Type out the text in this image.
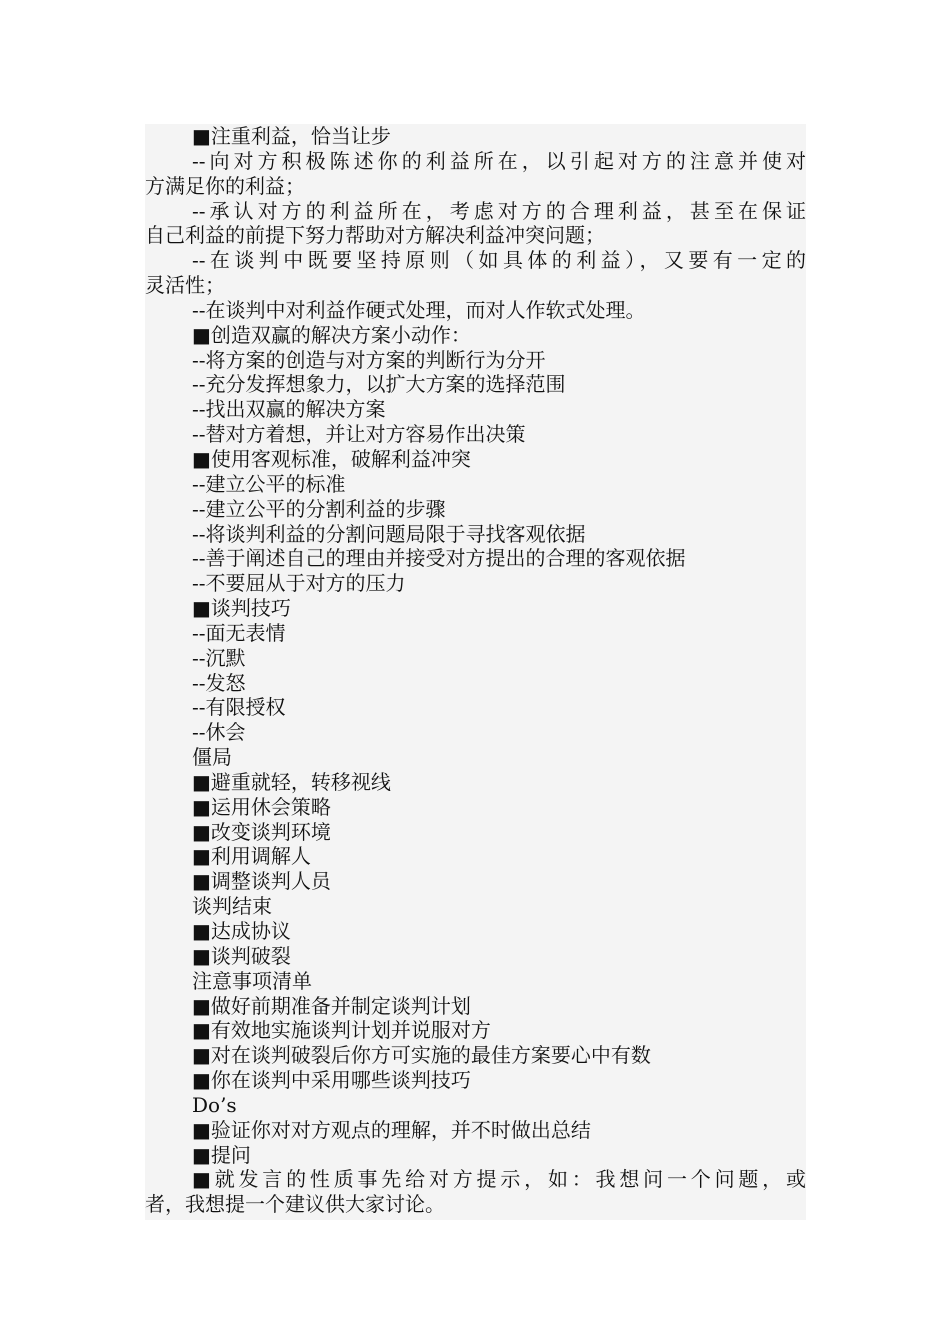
■注重利益，恰当让步
--向对方积极陈述你的利益所在，以引起对方的注意并使对
方满足你的利益；
--承认对方的利益所在，考虑对方的合理利益，甚至在保证
自己利益的前提下努力帮助对方解决利益冲突问题；
--在谈判中既要坚持原则（如具体的利益），又要有一定的
灵活性；
--在谈判中对利益作硬式处理，而对人作软式处理。
■创造双赢的解决方案小动作：
--将方案的创造与对方案的判断行为分开
--充分发挥想象力，以扩大方案的选择范围
--找出双赢的解决方案
--替对方着想，并让对方容易作出决策
■使用客观标准，破解利益冲突
--建立公平的标准
--建立公平的分割利益的步骤
--将谈判利益的分割问题局限于寻找客观依据
--善于阐述自己的理由并接受对方提出的合理的客观依据
--不要屈从于对方的压力
■谈判技巧
--面无表情
--沉默
--发怒
--有限授权
--休会
僵局
■避重就轻，转移视线
■运用休会策略
■改变谈判环境
■利用调解人
■调整谈判人员
谈判结束
■达成协议
■谈判破裂
注意事项清单
■做好前期准备并制定谈判计划
■有效地实施谈判计划并说服对方
■对在谈判破裂后你方可实施的最佳方案要心中有数
■你在谈判中采用哪些谈判技巧
Do’s
■验证你对对方观点的理解，并不时做出总结
■提问
■就发言的性质事先给对方提示，如：我想问一个问题，或
者，我想提一个建议供大家讨论。
